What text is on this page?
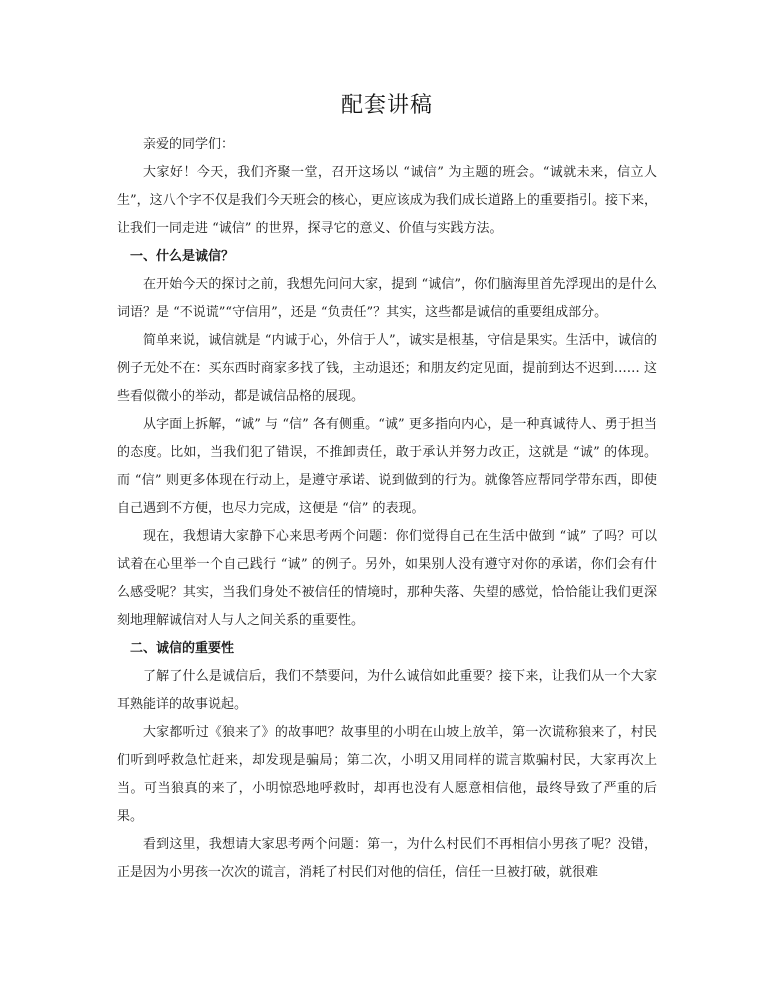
配套讲稿

亲爱的同学们：

大家好！今天，我们齐聚一堂，召开这场以 “诚信” 为主题的班会。“诚就未来，信立人生”，这八个字不仅是我们今天班会的核心，更应该成为我们成长道路上的重要指引。接下来，让我们一同走进 “诚信” 的世界，探寻它的意义、价值与实践方法。

一、什么是诚信？

在开始今天的探讨之前，我想先问问大家，提到 “诚信”，你们脑海里首先浮现出的是什么词语？是 “不说谎”“守信用”，还是 “负责任”？其实，这些都是诚信的重要组成部分。

简单来说，诚信就是 “内诚于心，外信于人”，诚实是根基，守信是果实。生活中，诚信的例子无处不在：买东西时商家多找了钱，主动退还；和朋友约定见面，提前到达不迟到…… 这些看似微小的举动，都是诚信品格的展现。

从字面上拆解，“诚” 与 “信” 各有侧重。“诚” 更多指向内心，是一种真诚待人、勇于担当的态度。比如，当我们犯了错误，不推卸责任，敢于承认并努力改正，这就是 “诚” 的体现。而 “信” 则更多体现在行动上，是遵守承诺、说到做到的行为。就像答应帮同学带东西，即使自己遇到不方便，也尽力完成，这便是 “信” 的表现。

现在，我想请大家静下心来思考两个问题：你们觉得自己在生活中做到 “诚” 了吗？可以试着在心里举一个自己践行 “诚” 的例子。另外，如果别人没有遵守对你的承诺，你们会有什么感受呢？其实，当我们身处不被信任的情境时，那种失落、失望的感觉，恰恰能让我们更深刻地理解诚信对人与人之间关系的重要性。

二、诚信的重要性

了解了什么是诚信后，我们不禁要问，为什么诚信如此重要？接下来，让我们从一个大家耳熟能详的故事说起。

大家都听过《狼来了》的故事吧？故事里的小明在山坡上放羊，第一次谎称狼来了，村民们听到呼救急忙赶来，却发现是骗局；第二次，小明又用同样的谎言欺骗村民，大家再次上当。可当狼真的来了，小明惊恐地呼救时，却再也没有人愿意相信他，最终导致了严重的后果。

看到这里，我想请大家思考两个问题：第一，为什么村民们不再相信小男孩了呢？没错，正是因为小男孩一次次的谎言，消耗了村民们对他的信任，信任一旦被打破，就很难
